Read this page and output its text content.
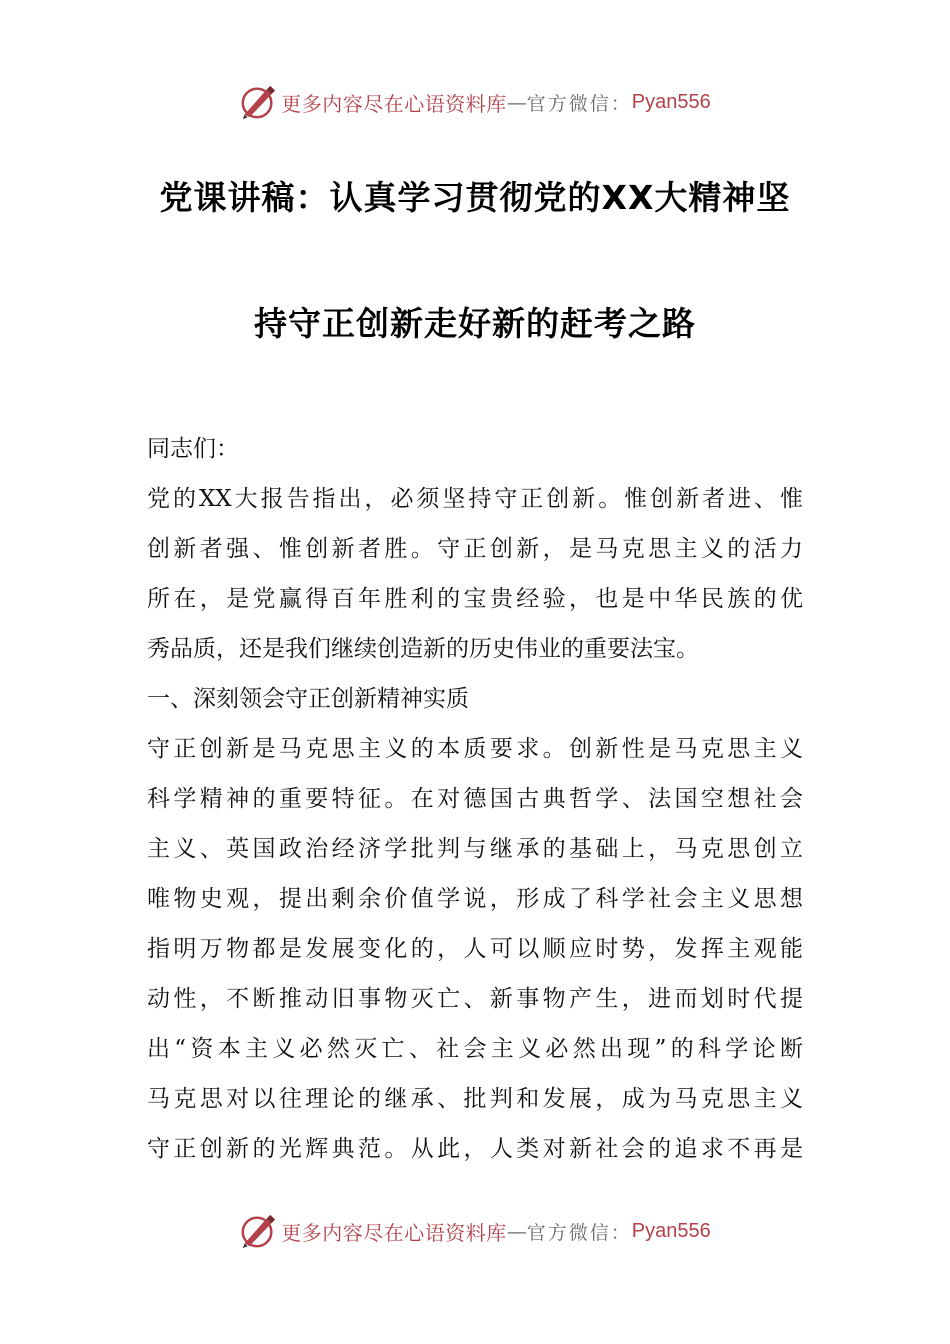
更多内容尽在心语资料库 — 官方微信： Pyan556
党课讲稿：认真学习贯彻党的XX大精神坚
持守正创新走好新的赶考之路
同志们：
党的XX大报告指出，必须坚持守正创新。惟创新者进、惟
创新者强、惟创新者胜。守正创新，是马克思主义的活力
所在，是党赢得百年胜利的宝贵经验，也是中华民族的优
秀品质，还是我们继续创造新的历史伟业的重要法宝。
一、深刻领会守正创新精神实质
守正创新是马克思主义的本质要求。创新性是马克思主义
科学精神的重要特征。在对德国古典哲学、法国空想社会
主义、英国政治经济学批判与继承的基础上，马克思创立
唯物史观，提出剩余价值学说，形成了科学社会主义思想
指明万物都是发展变化的，人可以顺应时势，发挥主观能
动性，不断推动旧事物灭亡、新事物产生，进而划时代提
出“资本主义必然灭亡、社会主义必然出现”的科学论断
马克思对以往理论的继承、批判和发展，成为马克思主义
守正创新的光辉典范。从此，人类对新社会的追求不再是
更多内容尽在心语资料库 — 官方微信： Pyan556
